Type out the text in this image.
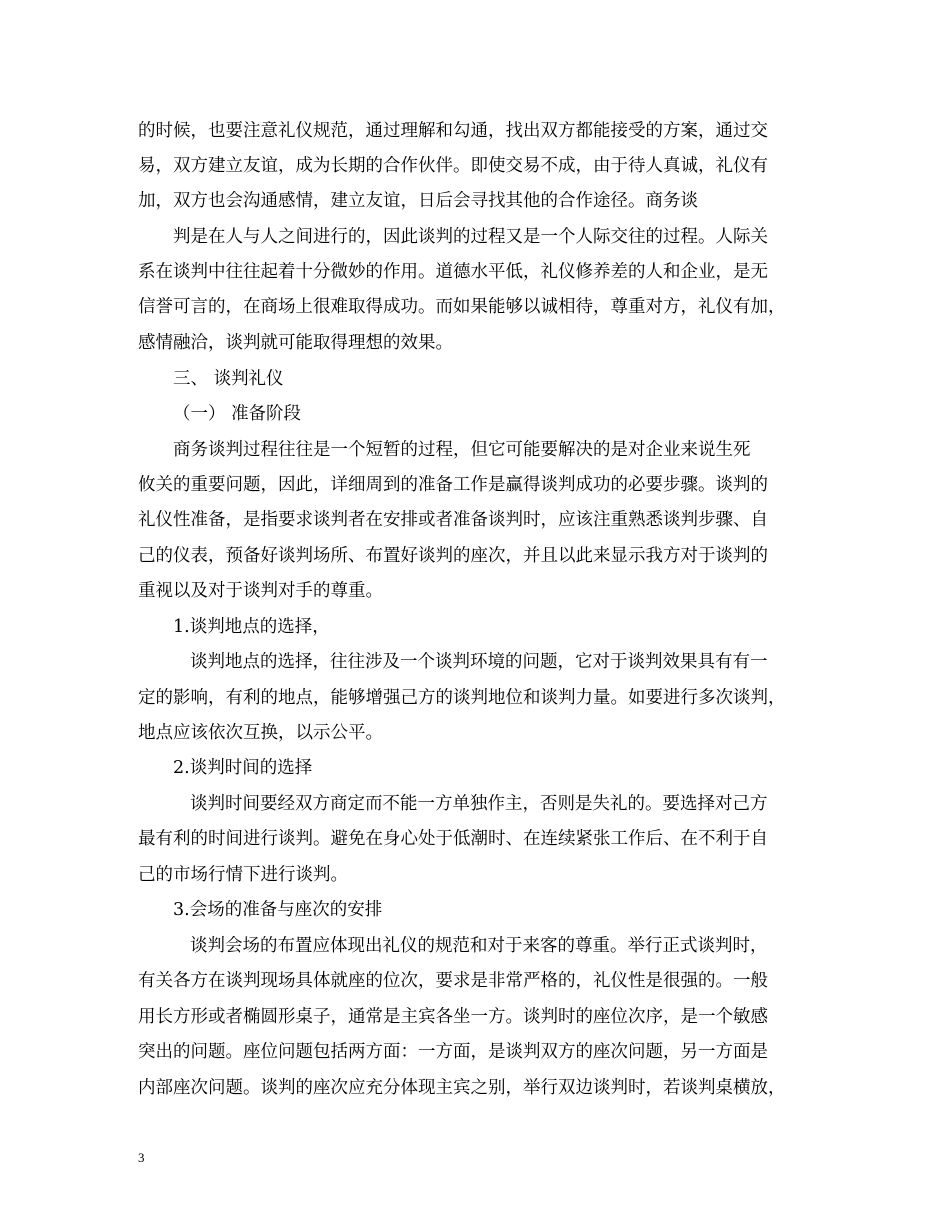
的时候，也要注意礼仪规范，通过理解和勾通，找出双方都能接受的方案，通过交
易，双方建立友谊，成为长期的合作伙伴。即使交易不成，由于待人真诚，礼仪有
加，双方也会沟通感情，建立友谊，日后会寻找其他的合作途径。商务谈
判是在人与人之间进行的，因此谈判的过程又是一个人际交往的过程。人际关
系在谈判中往往起着十分微妙的作用。道德水平低，礼仪修养差的人和企业，是无
信誉可言的，在商场上很难取得成功。而如果能够以诚相待，尊重对方，礼仪有加，
感情融洽，谈判就可能取得理想的效果。
三、 谈判礼仪
（一） 准备阶段
商务谈判过程往往是一个短暂的过程，但它可能要解决的是对企业来说生死
攸关的重要问题，因此，详细周到的准备工作是赢得谈判成功的必要步骤。谈判的
礼仪性准备，是指要求谈判者在安排或者准备谈判时，应该注重熟悉谈判步骤、自
己的仪表，预备好谈判场所、布置好谈判的座次，并且以此来显示我方对于谈判的
重视以及对于谈判对手的尊重。
1.谈判地点的选择，
谈判地点的选择，往往涉及一个谈判环境的问题，它对于谈判效果具有有一
定的影响，有利的地点，能够增强己方的谈判地位和谈判力量。如要进行多次谈判，
地点应该依次互换，以示公平。
2.谈判时间的选择
谈判时间要经双方商定而不能一方单独作主，否则是失礼的。要选择对己方
最有利的时间进行谈判。避免在身心处于低潮时、在连续紧张工作后、在不利于自
己的市场行情下进行谈判。
3.会场的准备与座次的安排
谈判会场的布置应体现出礼仪的规范和对于来客的尊重。举行正式谈判时，
有关各方在谈判现场具体就座的位次，要求是非常严格的，礼仪性是很强的。一般
用长方形或者椭圆形桌子，通常是主宾各坐一方。谈判时的座位次序，是一个敏感
突出的问题。座位问题包括两方面：一方面，是谈判双方的座次问题，另一方面是
内部座次问题。谈判的座次应充分体现主宾之别，举行双边谈判时，若谈判桌横放，
3
